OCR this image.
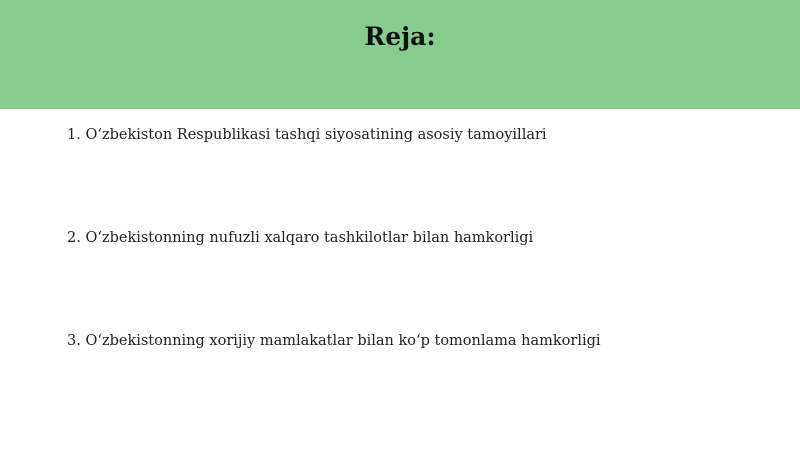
Reja:
1. O‘zbekiston Respublikasi tashqi siyosatining asosiy tamoyillari
2. O‘zbekistonning nufuzli xalqaro tashkilotlar bilan hamkorligi
3. O‘zbekistonning xorijiy mamlakatlar bilan ko‘p tomonlama hamkorligi
